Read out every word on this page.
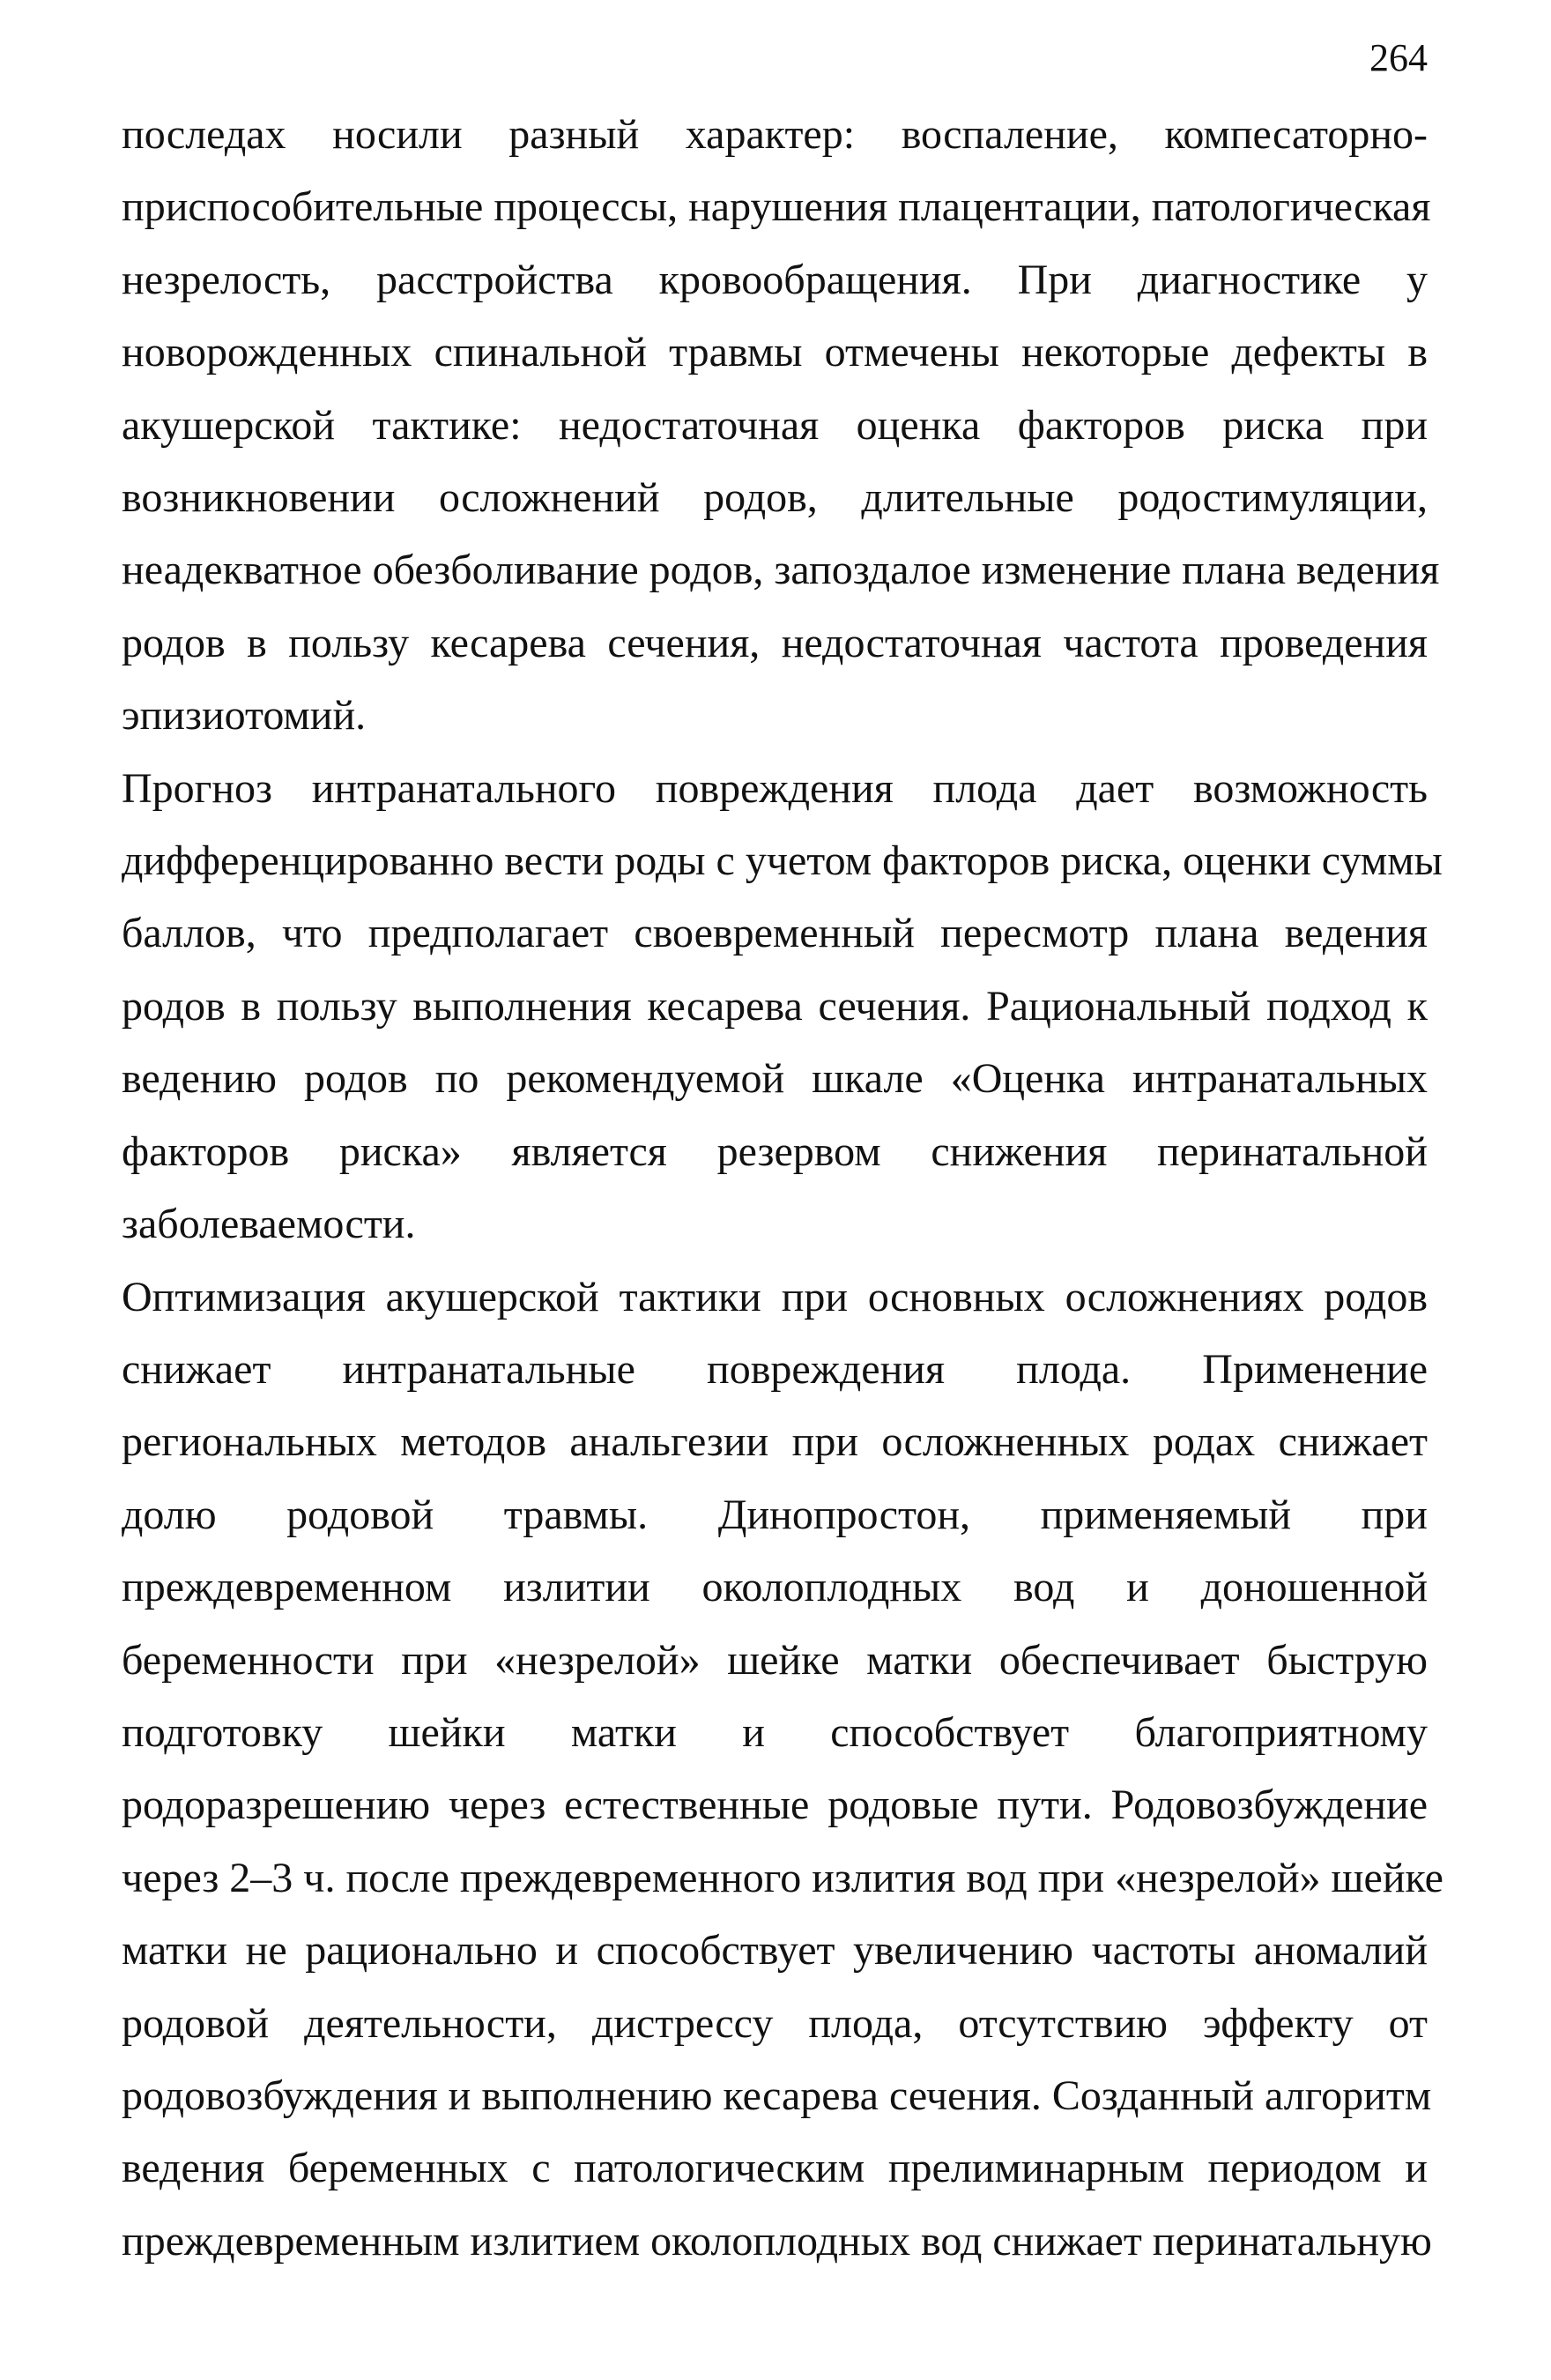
264

последах носили разный характер: воспаление, компесаторно-
приспособительные процессы, нарушения плацентации, патологическая
незрелость, расстройства кровообращения. При диагностике у
новорожденных спинальной травмы отмечены некоторые дефекты в
акушерской тактике: недостаточная оценка факторов риска при
возникновении осложнений родов, длительные родостимуляции,
неадекватное обезболивание родов, запоздалое изменение плана ведения
родов в пользу кесарева сечения, недостаточная частота проведения
эпизиотомий.

Прогноз интранатального повреждения плода дает возможность
дифференцированно вести роды с учетом факторов риска, оценки суммы
баллов, что предполагает своевременный пересмотр плана ведения
родов в пользу выполнения кесарева сечения. Рациональный подход к
ведению родов по рекомендуемой шкале «Оценка интранатальных
факторов риска» является резервом снижения перинатальной
заболеваемости.

Оптимизация акушерской тактики при основных осложнениях родов
снижает интранатальные повреждения плода. Применение
региональных методов анальгезии при осложненных родах снижает
долю родовой травмы. Динопростон, применяемый при
преждевременном излитии околоплодных вод и доношенной
беременности при «незрелой» шейке матки обеспечивает быструю
подготовку шейки матки и способствует благоприятному
родоразрешению через естественные родовые пути. Родовозбуждение
через 2–3 ч. после преждевременного излития вод при «незрелой» шейке
матки не рационально и способствует увеличению частоты аномалий
родовой деятельности, дистрессу плода, отсутствию эффекту от
родовозбуждения и выполнению кесарева сечения. Созданный алгоритм
ведения беременных с патологическим прелиминарным периодом и
преждевременным излитием околоплодных вод снижает перинатальную
